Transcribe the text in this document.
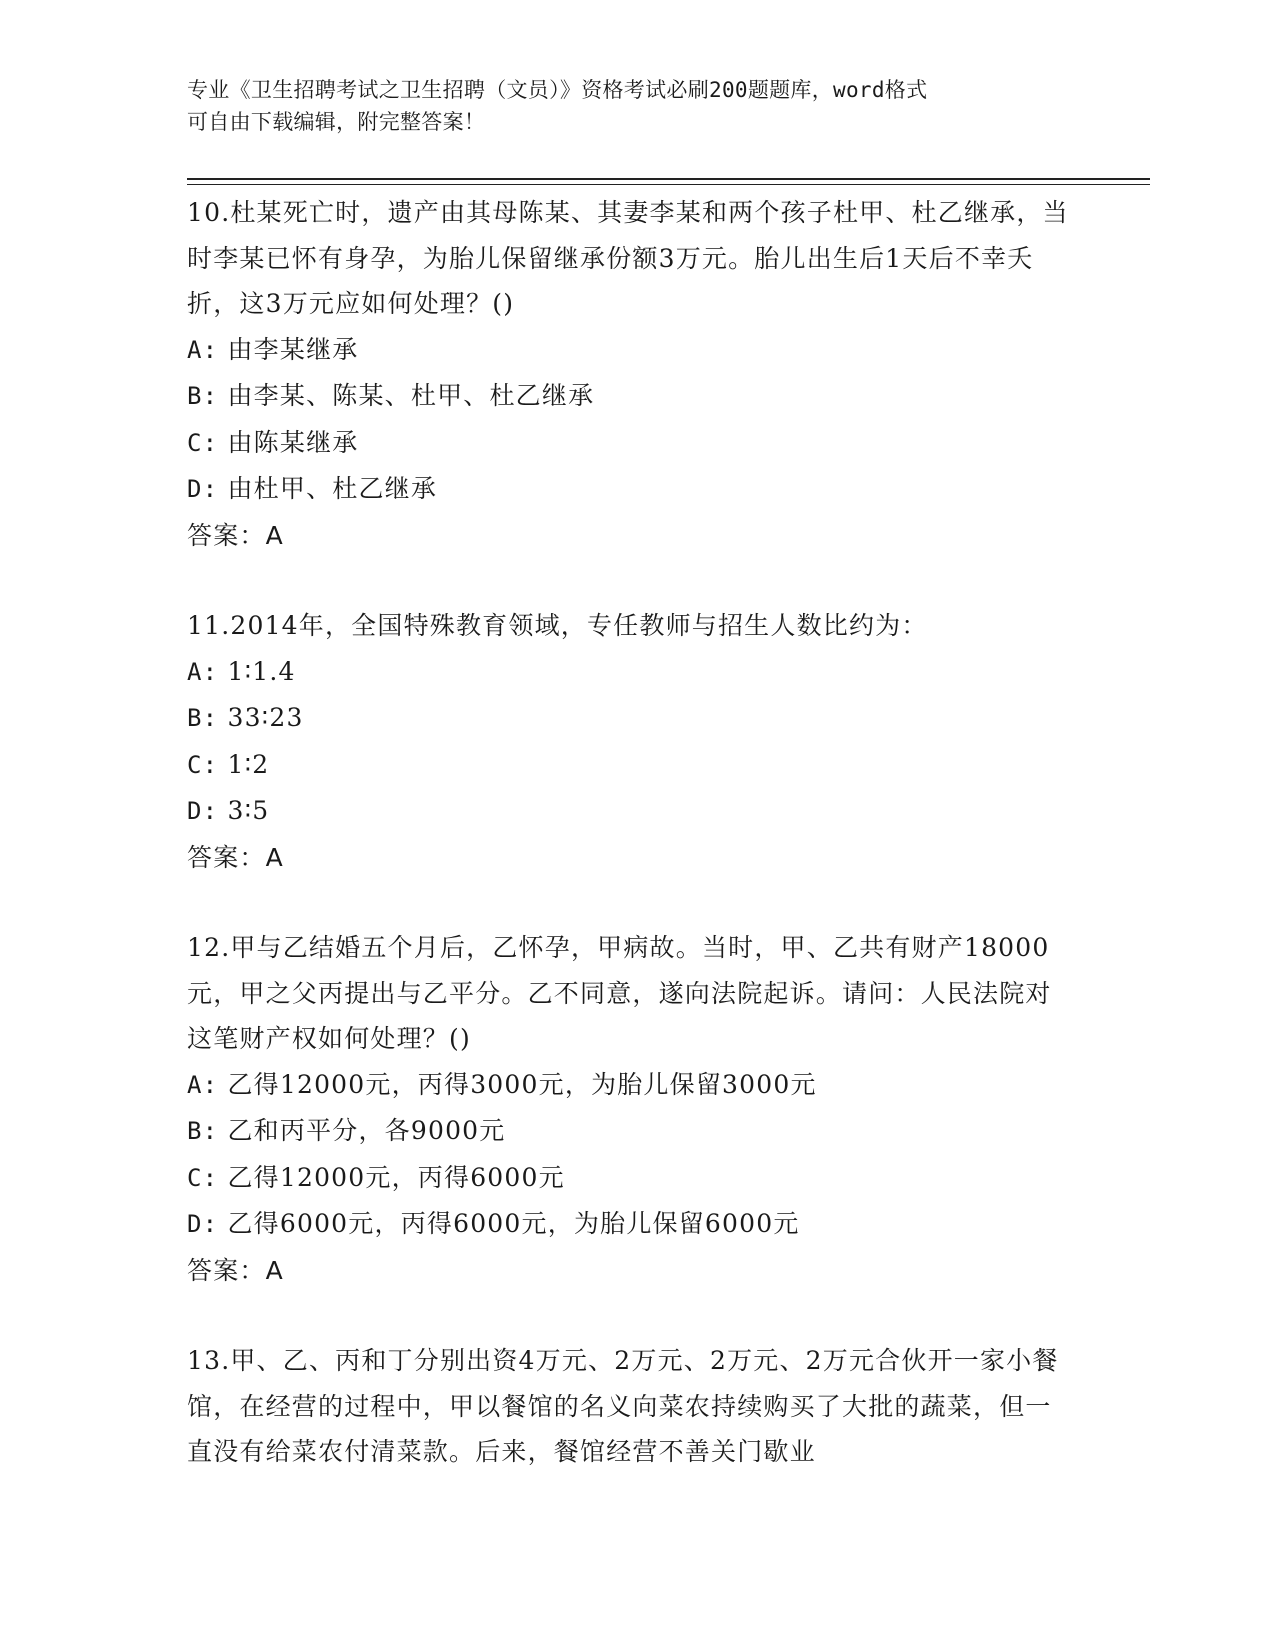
专业《卫生招聘考试之卫生招聘（文员）》资格考试必刷200题题库，word格式
可自由下载编辑，附完整答案！
10.杜某死亡时，遗产由其母陈某、其妻李某和两个孩子杜甲、杜乙继承，当时李某已怀有身孕，为胎儿保留继承份额3万元。胎儿出生后1天后不幸夭折，这3万元应如何处理？()
A: 由李某继承
B: 由李某、陈某、杜甲、杜乙继承
C: 由陈某继承
D: 由杜甲、杜乙继承
答案：A
11.2014年，全国特殊教育领域，专任教师与招生人数比约为：
A: 1∶1.4
B: 33∶23
C: 1∶2
D: 3∶5
答案：A
12.甲与乙结婚五个月后，乙怀孕，甲病故。当时，甲、乙共有财产18000元，甲之父丙提出与乙平分。乙不同意，遂向法院起诉。请问：人民法院对这笔财产权如何处理？()
A: 乙得12000元，丙得3000元，为胎儿保留3000元
B: 乙和丙平分，各9000元
C: 乙得12000元，丙得6000元
D: 乙得6000元，丙得6000元，为胎儿保留6000元
答案：A
13.甲、乙、丙和丁分别出资4万元、2万元、2万元、2万元合伙开一家小餐馆，在经营的过程中，甲以餐馆的名义向菜农持续购买了大批的蔬菜，但一直没有给菜农付清菜款。后来，餐馆经营不善关门歇业
